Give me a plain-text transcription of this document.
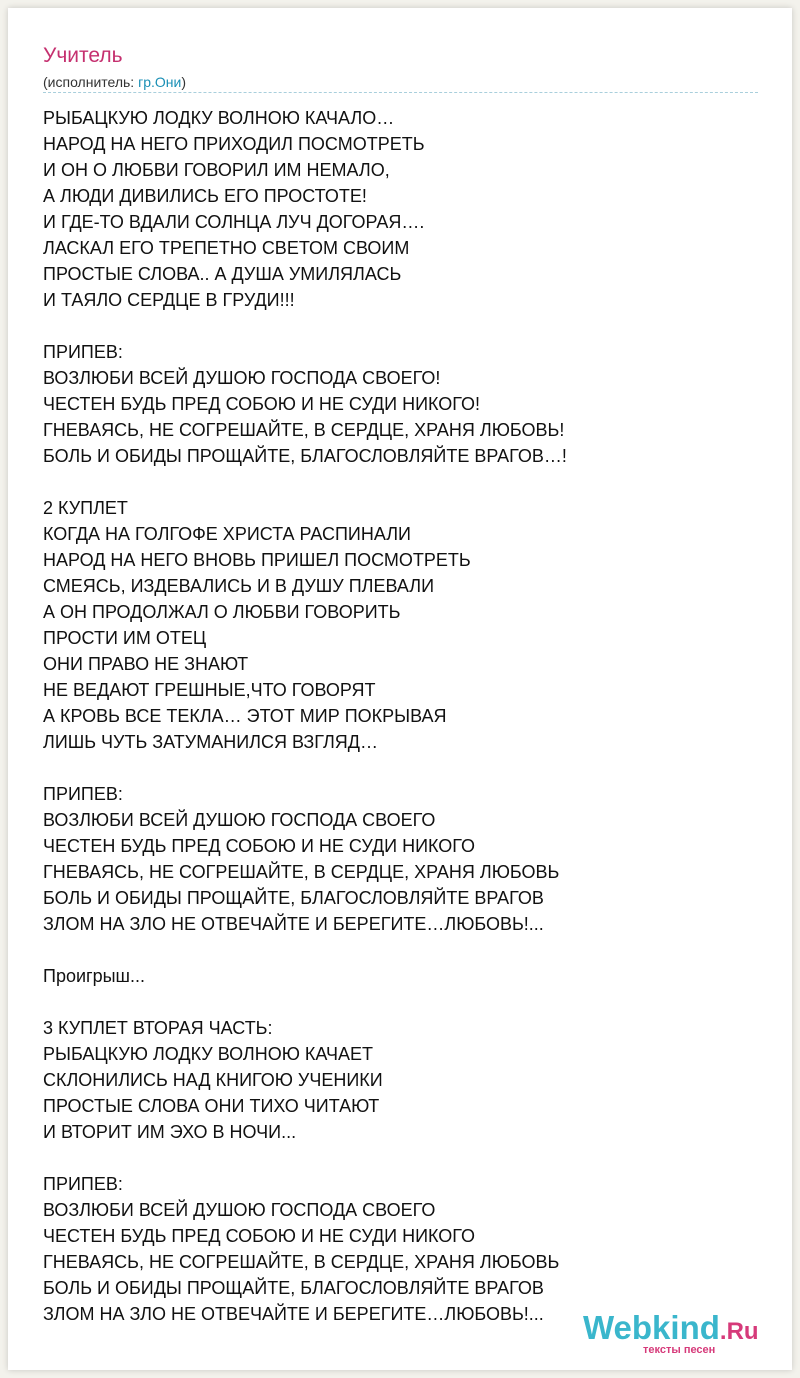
Учитель
(исполнитель: гр.Они)
РЫБАЦКУЮ ЛОДКУ ВОЛНОЮ КАЧАЛО…
НАРОД НА НЕГО ПРИХОДИЛ ПОСМОТРЕТЬ
И ОН О ЛЮБВИ ГОВОРИЛ ИМ НЕМАЛО,
А ЛЮДИ ДИВИЛИСЬ ЕГО ПРОСТОТЕ!
И ГДЕ-ТО ВДАЛИ СОЛНЦА ЛУЧ ДОГОРАЯ….
ЛАСКАЛ ЕГО ТРЕПЕТНО СВЕТОМ СВОИМ
ПРОСТЫЕ СЛОВА.. А ДУША УМИЛЯЛАСЬ
И ТАЯЛО СЕРДЦЕ В ГРУДИ!!!
ПРИПЕВ:
ВОЗЛЮБИ ВСЕЙ ДУШОЮ ГОСПОДА СВОЕГО!
ЧЕСТЕН БУДЬ ПРЕД СОБОЮ И НЕ СУДИ НИКОГО!
ГНЕВАЯСЬ, НЕ СОГРЕШАЙТЕ, В СЕРДЦЕ, ХРАНЯ ЛЮБОВЬ!
БОЛЬ И ОБИДЫ ПРОЩАЙТЕ, БЛАГОСЛОВЛЯЙТЕ ВРАГОВ…!
2 КУПЛЕТ
КОГДА НА ГОЛГОФЕ ХРИСТА РАСПИНАЛИ
НАРОД НА НЕГО ВНОВЬ ПРИШЕЛ ПОСМОТРЕТЬ
СМЕЯСЬ, ИЗДЕВАЛИСЬ И В ДУШУ ПЛЕВАЛИ
А ОН ПРОДОЛЖАЛ О ЛЮБВИ ГОВОРИТЬ
ПРОСТИ ИМ ОТЕЦ
ОНИ ПРАВО НЕ ЗНАЮТ
НЕ ВЕДАЮТ ГРЕШНЫЕ,ЧТО ГОВОРЯТ
А КРОВЬ ВСЕ ТЕКЛА… ЭТОТ МИР ПОКРЫВАЯ
ЛИШЬ ЧУТЬ ЗАТУМАНИЛСЯ ВЗГЛЯД…
ПРИПЕВ:
ВОЗЛЮБИ ВСЕЙ ДУШОЮ ГОСПОДА СВОЕГО
ЧЕСТЕН БУДЬ ПРЕД СОБОЮ И НЕ СУДИ НИКОГО
ГНЕВАЯСЬ, НЕ СОГРЕШАЙТЕ, В СЕРДЦЕ, ХРАНЯ ЛЮБОВЬ
БОЛЬ И ОБИДЫ ПРОЩАЙТЕ, БЛАГОСЛОВЛЯЙТЕ ВРАГОВ
ЗЛОМ НА ЗЛО НЕ ОТВЕЧАЙТЕ И БЕРЕГИТЕ…ЛЮБОВЬ!...
Проигрыш...
3 КУПЛЕТ ВТОРАЯ ЧАСТЬ:
РЫБАЦКУЮ ЛОДКУ ВОЛНОЮ КАЧАЕТ
СКЛОНИЛИСЬ НАД КНИГОЮ УЧЕНИКИ
ПРОСТЫЕ СЛОВА ОНИ ТИХО ЧИТАЮТ
И ВТОРИТ ИМ ЭХО В НОЧИ...
ПРИПЕВ:
ВОЗЛЮБИ ВСЕЙ ДУШОЮ ГОСПОДА СВОЕГО
ЧЕСТЕН БУДЬ ПРЕД СОБОЮ И НЕ СУДИ НИКОГО
ГНЕВАЯСЬ, НЕ СОГРЕШАЙТЕ, В СЕРДЦЕ, ХРАНЯ ЛЮБОВЬ
БОЛЬ И ОБИДЫ ПРОЩАЙТЕ, БЛАГОСЛОВЛЯЙТЕ ВРАГОВ
ЗЛОМ НА ЗЛО НЕ ОТВЕЧАЙТЕ И БЕРЕГИТЕ…ЛЮБОВЬ!...	Webkind.Ru
тексты песен
